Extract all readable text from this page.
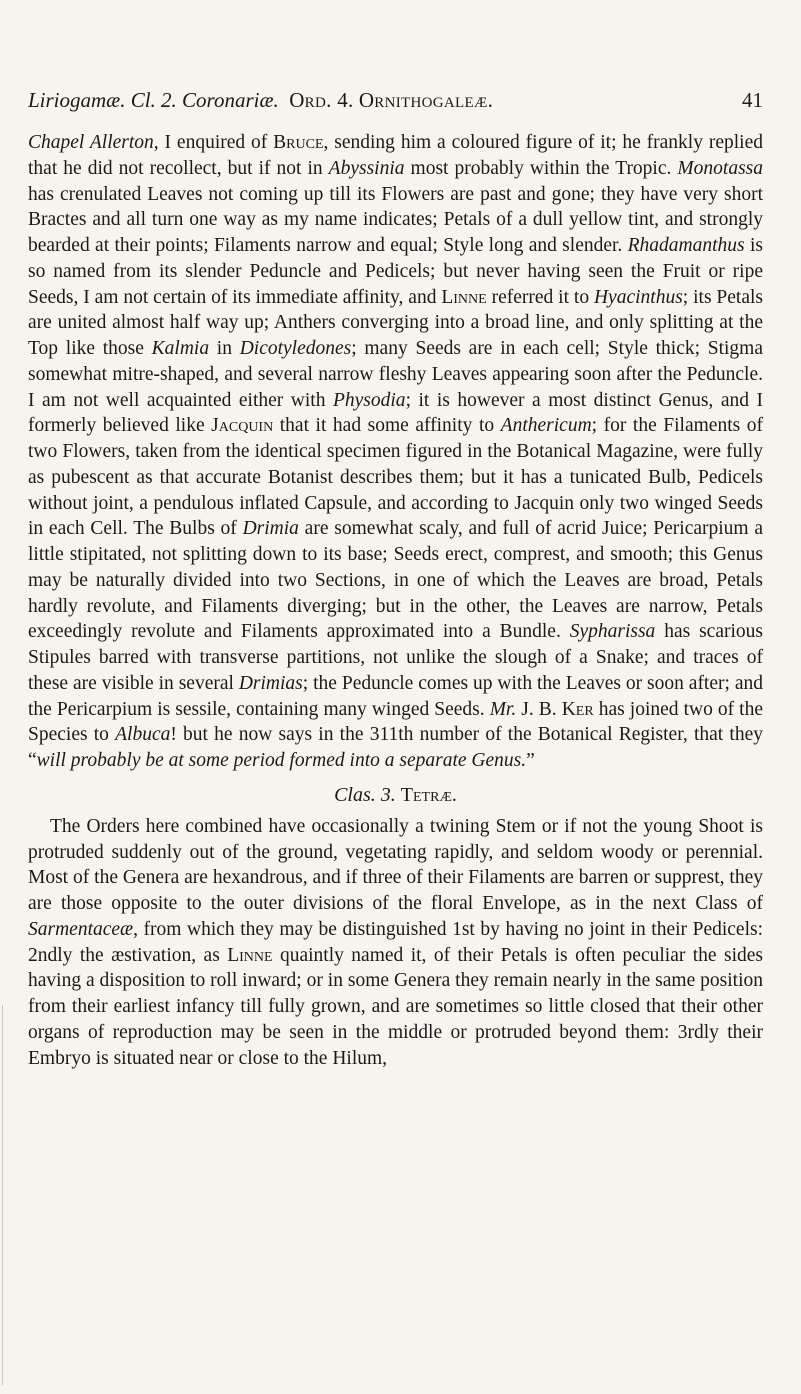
Liriogamæ. Cl. 2. Coronariæ. Ord. 4. Ornithogaleæ.	41

Chapel Allerton, I enquired of Bruce, sending him a coloured figure of it; he frankly replied that he did not recollect, but if not in Abyssinia most probably within the Tropic. Monotassa has crenulated Leaves not coming up till its Flowers are past and gone; they have very short Bractes and all turn one way as my name indicates; Petals of a dull yellow tint, and strongly bearded at their points; Filaments narrow and equal; Style long and slender. Rhadamanthus is so named from its slender Peduncle and Pedicels; but never having seen the Fruit or ripe Seeds, I am not certain of its immediate affinity, and Linne referred it to Hyacinthus; its Petals are united almost half way up; Anthers converging into a broad line, and only splitting at the Top like those Kalmia in Dicotyledones; many Seeds are in each cell; Style thick; Stigma somewhat mitre-shaped, and several narrow fleshy Leaves appearing soon after the Peduncle. I am not well acquainted either with Physodia; it is however a most distinct Genus, and I formerly believed like Jacquin that it had some affinity to Anthericum; for the Filaments of two Flowers, taken from the identical specimen figured in the Botanical Magazine, were fully as pubescent as that accurate Botanist describes them; but it has a tunicated Bulb, Pedicels without joint, a pendulous inflated Capsule, and according to Jacquin only two winged Seeds in each Cell. The Bulbs of Drimia are somewhat scaly, and full of acrid Juice; Pericarpium a little stipitated, not splitting down to its base; Seeds erect, comprest, and smooth; this Genus may be naturally divided into two Sections, in one of which the Leaves are broad, Petals hardly revolute, and Filaments diverging; but in the other, the Leaves are narrow, Petals exceedingly revolute and Filaments approximated into a Bundle. Sypharissa has scarious Stipules barred with transverse partitions, not unlike the slough of a Snake; and traces of these are visible in several Drimias; the Peduncle comes up with the Leaves or soon after; and the Pericarpium is sessile, containing many winged Seeds. Mr. J. B. Ker has joined two of the Species to Albuca! but he now says in the 311th number of the Botanical Register, that they “will probably be at some period formed into a separate Genus.”

Clas. 3. Tetræ.

The Orders here combined have occasionally a twining Stem or if not the young Shoot is protruded suddenly out of the ground, vegetating rapidly, and seldom woody or perennial. Most of the Genera are hexandrous, and if three of their Filaments are barren or supprest, they are those opposite to the outer divisions of the floral Envelope, as in the next Class of Sarmentaceæ, from which they may be distinguished 1st by having no joint in their Pedicels: 2ndly the æstivation, as Linne quaintly named it, of their Petals is often peculiar the sides having a disposition to roll inward; or in some Genera they remain nearly in the same position from their earliest infancy till fully grown, and are sometimes so little closed that their other organs of reproduction may be seen in the middle or protruded beyond them: 3rdly their Embryo is situated near or close to the Hilum,
